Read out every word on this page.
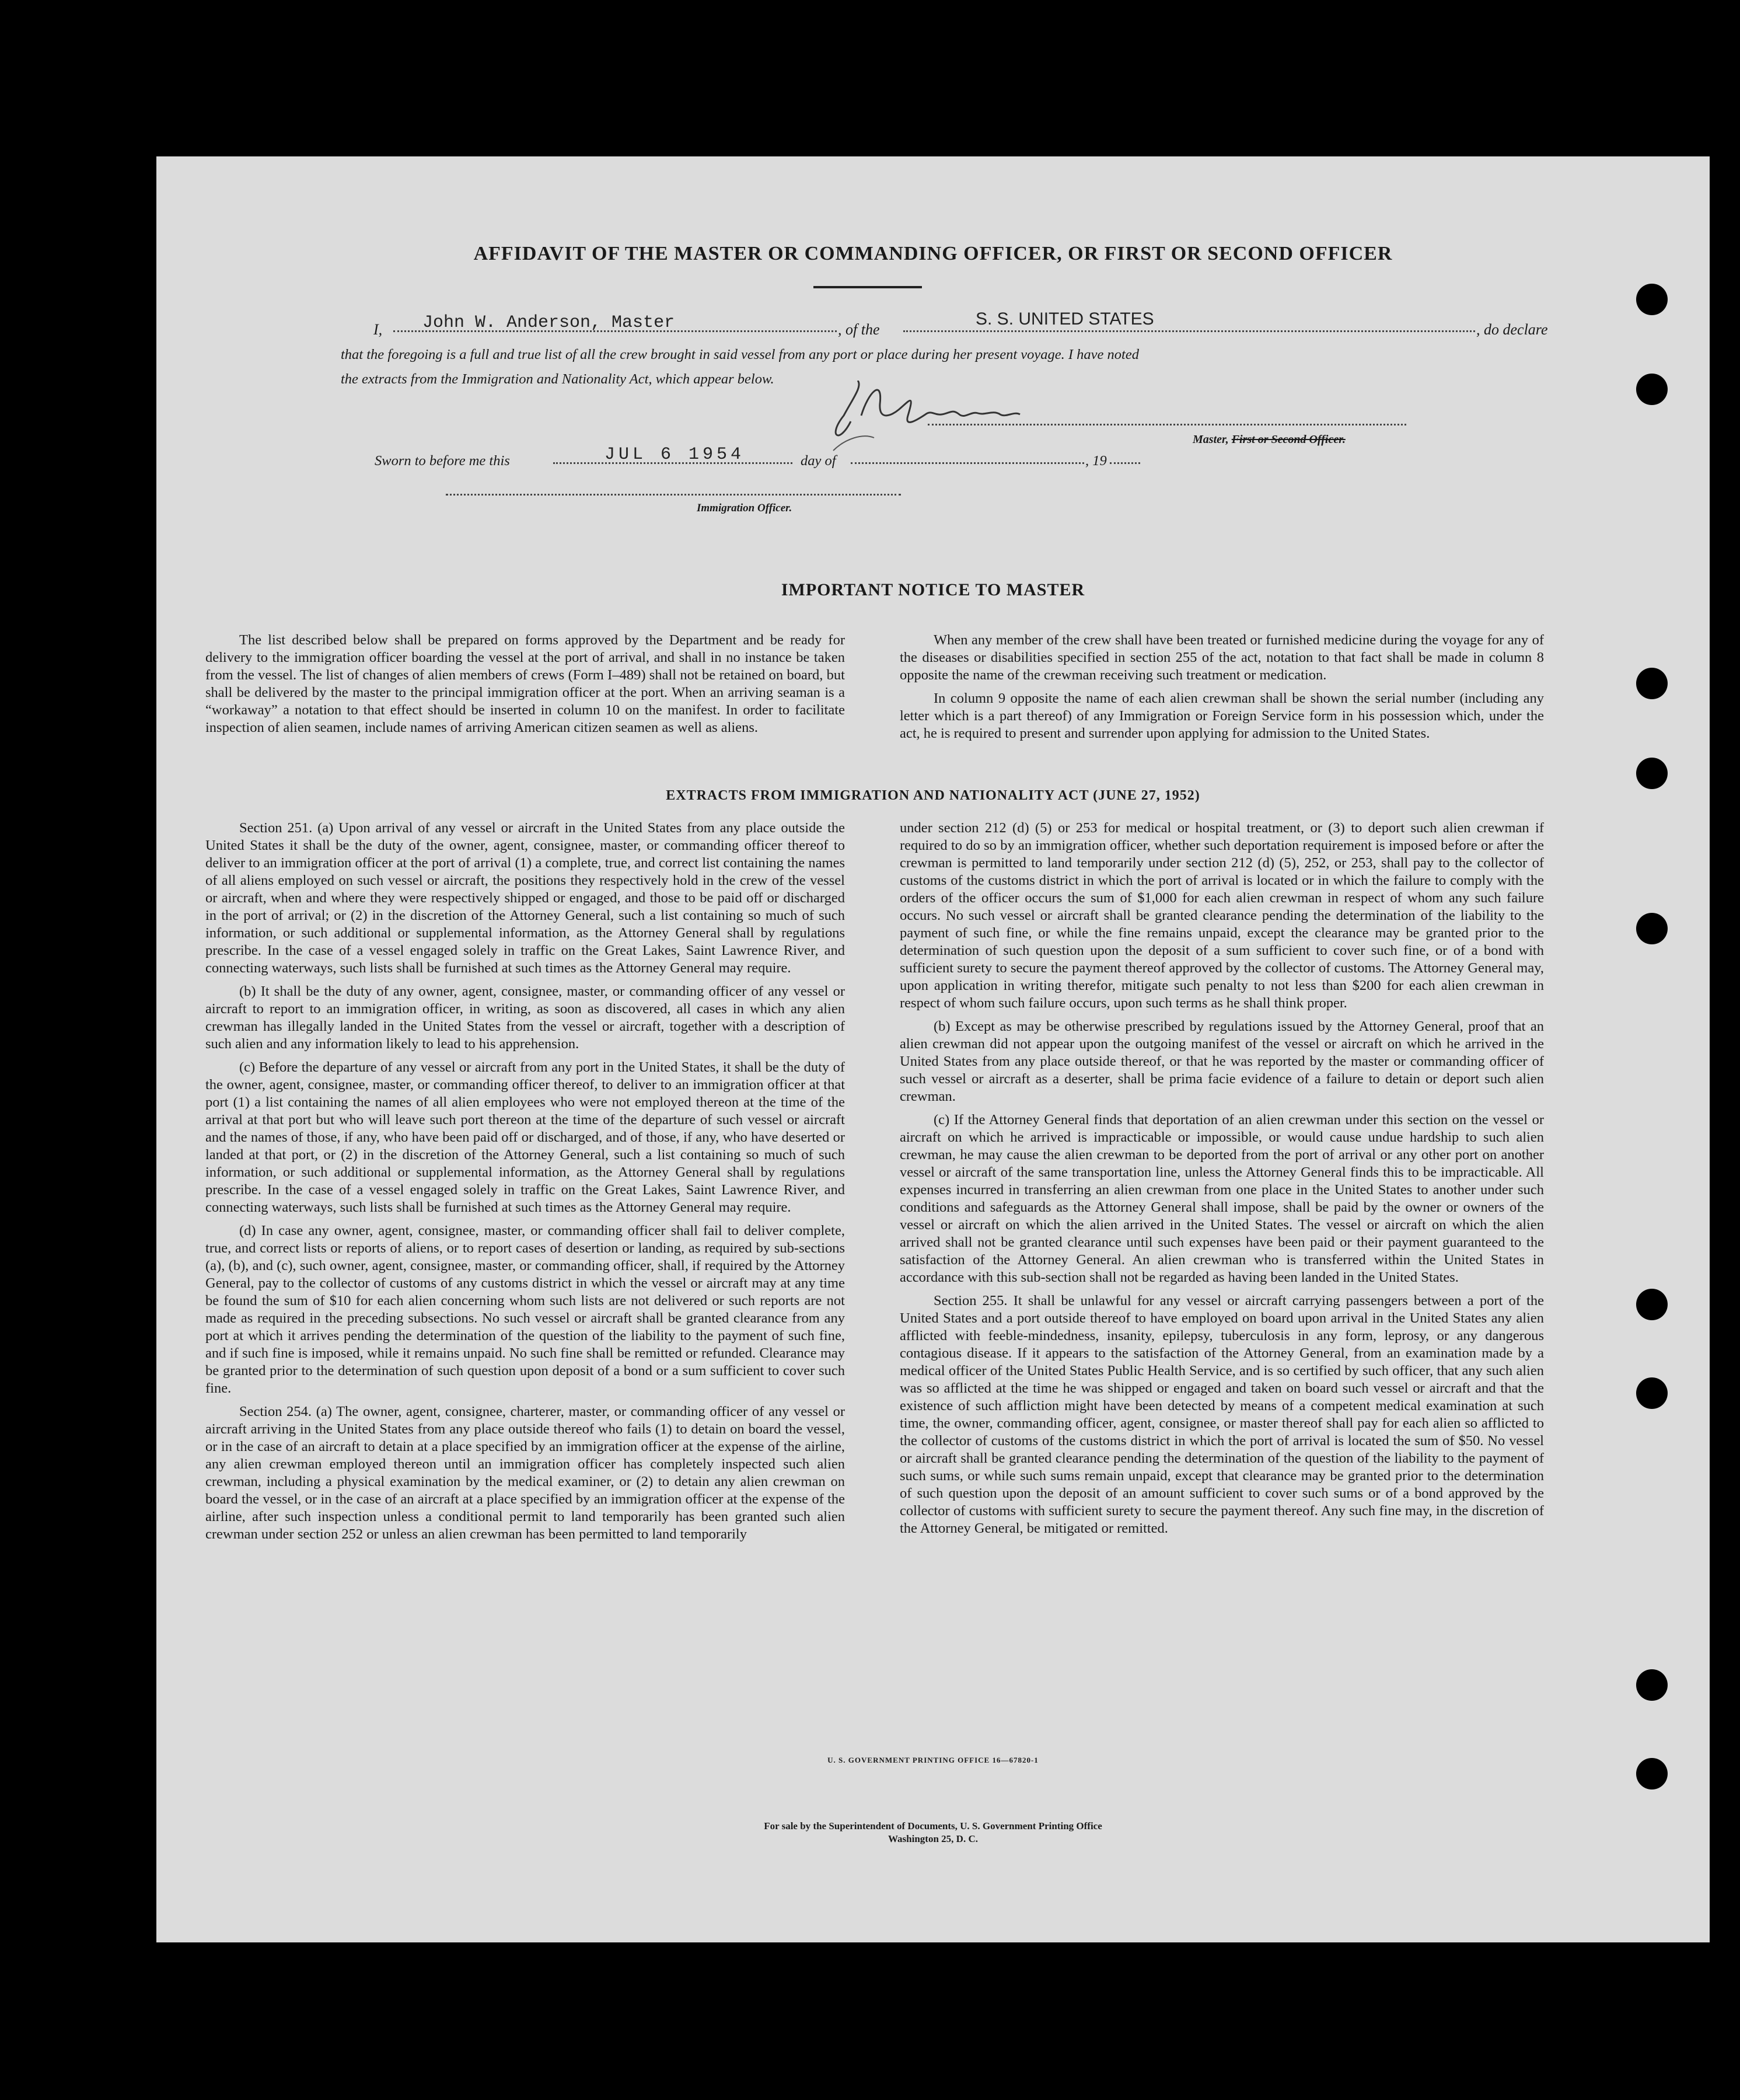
AFFIDAVIT OF THE MASTER OR COMMANDING OFFICER, OR FIRST OR SECOND OFFICER
I, John W. Anderson, Master	, of the
S. S. UNITED STATES
, do declare
that the foregoing is a full and true list of all the crew brought in said vessel from any port or place during her present voyage. I have noted
the extracts from the Immigration and Nationality Act, which appear below.
Master, First or Second Officer.
Sworn to before me this	JUL 6 1954	day of	, 19
Immigration Officer.
IMPORTANT NOTICE TO MASTER

The list described below shall be prepared on forms approved by the Department and be ready for delivery to the immigration officer boarding the vessel at the port of arrival, and shall in no instance be taken from the vessel. The list of changes of alien members of crews (Form I–489) shall not be retained on board, but shall be delivered by the master to the principal immigration officer at the port. When an arriving seaman is a “workaway” a notation to that effect should be inserted in column 10 on the manifest. In order to facilitate inspection of alien seamen, include names of arriving American citizen seamen as well as aliens.

When any member of the crew shall have been treated or furnished medicine during the voyage for any of the diseases or disabilities specified in section 255 of the act, notation to that fact shall be made in column 8 opposite the name of the crewman receiving such treatment or medication.

In column 9 opposite the name of each alien crewman shall be shown the serial number (including any letter which is a part thereof) of any Immigration or Foreign Service form in his possession which, under the act, he is required to present and surrender upon applying for admission to the United States.

EXTRACTS FROM IMMIGRATION AND NATIONALITY ACT (JUNE 27, 1952)

Section 251. (a) Upon arrival of any vessel or aircraft in the United States from any place outside the United States it shall be the duty of the owner, agent, consignee, master, or commanding officer thereof to deliver to an immigration officer at the port of arrival (1) a complete, true, and correct list containing the names of all aliens employed on such vessel or aircraft, the positions they respectively hold in the crew of the vessel or aircraft, when and where they were respectively shipped or engaged, and those to be paid off or discharged in the port of arrival; or (2) in the discretion of the Attorney General, such a list containing so much of such information, or such additional or supplemental information, as the Attorney General shall by regulations prescribe. In the case of a vessel engaged solely in traffic on the Great Lakes, Saint Lawrence River, and connecting waterways, such lists shall be furnished at such times as the Attorney General may require.

(b) It shall be the duty of any owner, agent, consignee, master, or commanding officer of any vessel or aircraft to report to an immigration officer, in writing, as soon as discovered, all cases in which any alien crewman has illegally landed in the United States from the vessel or aircraft, together with a description of such alien and any information likely to lead to his apprehension.

(c) Before the departure of any vessel or aircraft from any port in the United States, it shall be the duty of the owner, agent, consignee, master, or commanding officer thereof, to deliver to an immigration officer at that port (1) a list containing the names of all alien employees who were not employed thereon at the time of the arrival at that port but who will leave such port thereon at the time of the departure of such vessel or aircraft and the names of those, if any, who have been paid off or discharged, and of those, if any, who have deserted or landed at that port, or (2) in the discretion of the Attorney General, such a list containing so much of such information, or such additional or supplemental information, as the Attorney General shall by regulations prescribe. In the case of a vessel engaged solely in traffic on the Great Lakes, Saint Lawrence River, and connecting waterways, such lists shall be furnished at such times as the Attorney General may require.

(d) In case any owner, agent, consignee, master, or commanding officer shall fail to deliver complete, true, and correct lists or reports of aliens, or to report cases of desertion or landing, as required by sub-sections (a), (b), and (c), such owner, agent, consignee, master, or commanding officer, shall, if required by the Attorney General, pay to the collector of customs of any customs district in which the vessel or aircraft may at any time be found the sum of $10 for each alien concerning whom such lists are not delivered or such reports are not made as required in the preceding subsections. No such vessel or aircraft shall be granted clearance from any port at which it arrives pending the determination of the question of the liability to the payment of such fine, and if such fine is imposed, while it remains unpaid. No such fine shall be remitted or refunded. Clearance may be granted prior to the determination of such question upon deposit of a bond or a sum sufficient to cover such fine.

Section 254. (a) The owner, agent, consignee, charterer, master, or commanding officer of any vessel or aircraft arriving in the United States from any place outside thereof who fails (1) to detain on board the vessel, or in the case of an aircraft to detain at a place specified by an immigration officer at the expense of the airline, any alien crewman employed thereon until an immigration officer has completely inspected such alien crewman, including a physical examination by the medical examiner, or (2) to detain any alien crewman on board the vessel, or in the case of an aircraft at a place specified by an immigration officer at the expense of the airline, after such inspection unless a conditional permit to land temporarily has been granted such alien crewman under section 252 or unless an alien crewman has been permitted to land temporarily

under section 212 (d) (5) or 253 for medical or hospital treatment, or (3) to deport such alien crewman if required to do so by an immigration officer, whether such deportation requirement is imposed before or after the crewman is permitted to land temporarily under section 212 (d) (5), 252, or 253, shall pay to the collector of customs of the customs district in which the port of arrival is located or in which the failure to comply with the orders of the officer occurs the sum of $1,000 for each alien crewman in respect of whom any such failure occurs. No such vessel or aircraft shall be granted clearance pending the determination of the liability to the payment of such fine, or while the fine remains unpaid, except the clearance may be granted prior to the determination of such question upon the deposit of a sum sufficient to cover such fine, or of a bond with sufficient surety to secure the payment thereof approved by the collector of customs. The Attorney General may, upon application in writing therefor, mitigate such penalty to not less than $200 for each alien crewman in respect of whom such failure occurs, upon such terms as he shall think proper.

(b) Except as may be otherwise prescribed by regulations issued by the Attorney General, proof that an alien crewman did not appear upon the outgoing manifest of the vessel or aircraft on which he arrived in the United States from any place outside thereof, or that he was reported by the master or commanding officer of such vessel or aircraft as a deserter, shall be prima facie evidence of a failure to detain or deport such alien crewman.

(c) If the Attorney General finds that deportation of an alien crewman under this section on the vessel or aircraft on which he arrived is impracticable or impossible, or would cause undue hardship to such alien crewman, he may cause the alien crewman to be deported from the port of arrival or any other port on another vessel or aircraft of the same transportation line, unless the Attorney General finds this to be impracticable. All expenses incurred in transferring an alien crewman from one place in the United States to another under such conditions and safeguards as the Attorney General shall impose, shall be paid by the owner or owners of the vessel or aircraft on which the alien arrived in the United States. The vessel or aircraft on which the alien arrived shall not be granted clearance until such expenses have been paid or their payment guaranteed to the satisfaction of the Attorney General. An alien crewman who is transferred within the United States in accordance with this sub-section shall not be regarded as having been landed in the United States.

Section 255. It shall be unlawful for any vessel or aircraft carrying passengers between a port of the United States and a port outside thereof to have employed on board upon arrival in the United States any alien afflicted with feeble-mindedness, insanity, epilepsy, tuberculosis in any form, leprosy, or any dangerous contagious disease. If it appears to the satisfaction of the Attorney General, from an examination made by a medical officer of the United States Public Health Service, and is so certified by such officer, that any such alien was so afflicted at the time he was shipped or engaged and taken on board such vessel or aircraft and that the existence of such affliction might have been detected by means of a competent medical examination at such time, the owner, commanding officer, agent, consignee, or master thereof shall pay for each alien so afflicted to the collector of customs of the customs district in which the port of arrival is located the sum of $50. No vessel or aircraft shall be granted clearance pending the determination of the question of the liability to the payment of such sums, or while such sums remain unpaid, except that clearance may be granted prior to the determination of such question upon the deposit of an amount sufficient to cover such sums or of a bond approved by the collector of customs with sufficient surety to secure the payment thereof. Any such fine may, in the discretion of the Attorney General, be mitigated or remitted.

U. S. GOVERNMENT PRINTING OFFICE 16—67820-1
For sale by the Superintendent of Documents, U. S. Government Printing Office
Washington 25, D. C.
